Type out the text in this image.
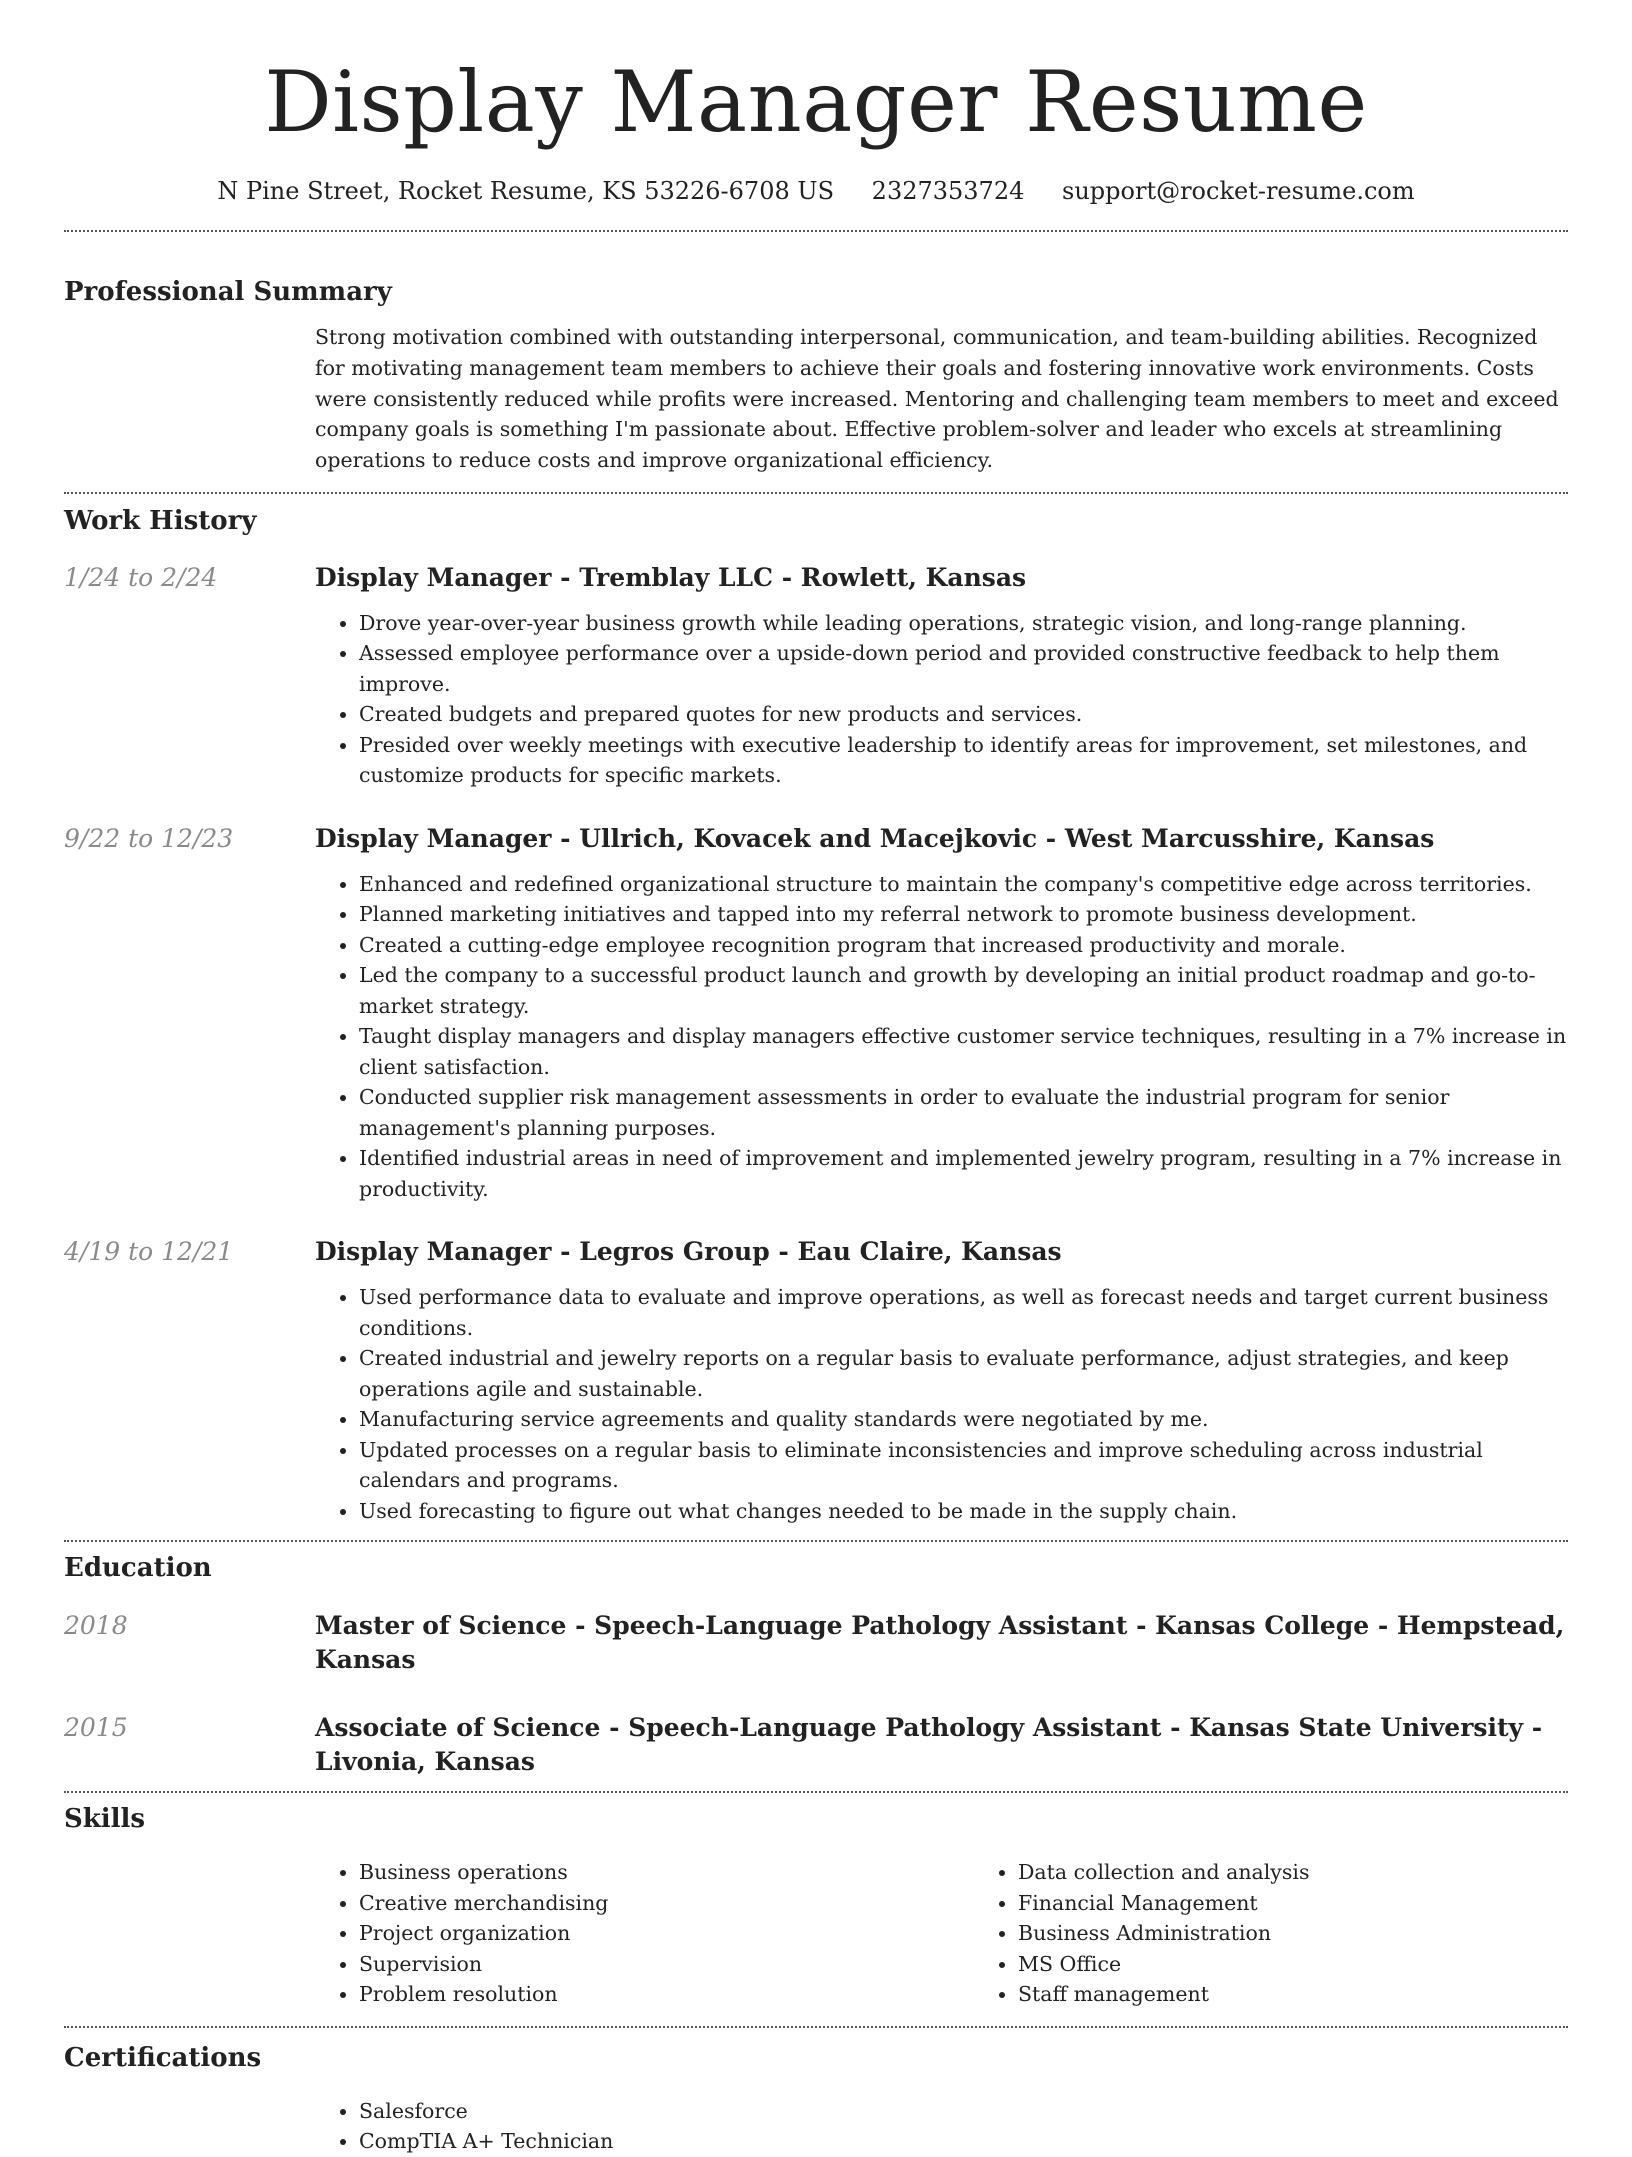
Display Manager Resume
N Pine Street, Rocket Resume, KS 53226-6708 US 2327353724 support@rocket-resume.com
Professional Summary

Strong motivation combined with outstanding interpersonal, communication, and team-building abilities. Recognized for motivating management team members to achieve their goals and fostering innovative work environments. Costs were consistently reduced while profits were increased. Mentoring and challenging team members to meet and exceed company goals is something I'm passionate about. Effective problem-solver and leader who excels at streamlining operations to reduce costs and improve organizational efficiency.

Work History
1/24 to 2/24	Display Manager - Tremblay LLC - Rowlett, Kansas
• Drove year-over-year business growth while leading operations, strategic vision, and long-range planning.
• Assessed employee performance over a upside-down period and provided constructive feedback to help them improve.
• Created budgets and prepared quotes for new products and services.
• Presided over weekly meetings with executive leadership to identify areas for improvement, set milestones, and customize products for specific markets.
9/22 to 12/23	Display Manager - Ullrich, Kovacek and Macejkovic - West Marcusshire, Kansas
• Enhanced and redefined organizational structure to maintain the company's competitive edge across territories.
• Planned marketing initiatives and tapped into my referral network to promote business development.
• Created a cutting-edge employee recognition program that increased productivity and morale.
• Led the company to a successful product launch and growth by developing an initial product roadmap and go-to-market strategy.
• Taught display managers and display managers effective customer service techniques, resulting in a 7% increase in client satisfaction.
• Conducted supplier risk management assessments in order to evaluate the industrial program for senior management's planning purposes.
• Identified industrial areas in need of improvement and implemented jewelry program, resulting in a 7% increase in productivity.
4/19 to 12/21	Display Manager - Legros Group - Eau Claire, Kansas
• Used performance data to evaluate and improve operations, as well as forecast needs and target current business conditions.
• Created industrial and jewelry reports on a regular basis to evaluate performance, adjust strategies, and keep operations agile and sustainable.
• Manufacturing service agreements and quality standards were negotiated by me.
• Updated processes on a regular basis to eliminate inconsistencies and improve scheduling across industrial calendars and programs.
• Used forecasting to figure out what changes needed to be made in the supply chain.
Education
2018	Master of Science - Speech-Language Pathology Assistant - Kansas College - Hempstead, Kansas
2015	Associate of Science - Speech-Language Pathology Assistant - Kansas State University - Livonia, Kansas
Skills
• Business operations
• Creative merchandising
• Project organization
• Supervision
• Problem resolution
• Data collection and analysis
• Financial Management
• Business Administration
• MS Office
• Staff management
Certifications
• Salesforce
• CompTIA A+ Technician
